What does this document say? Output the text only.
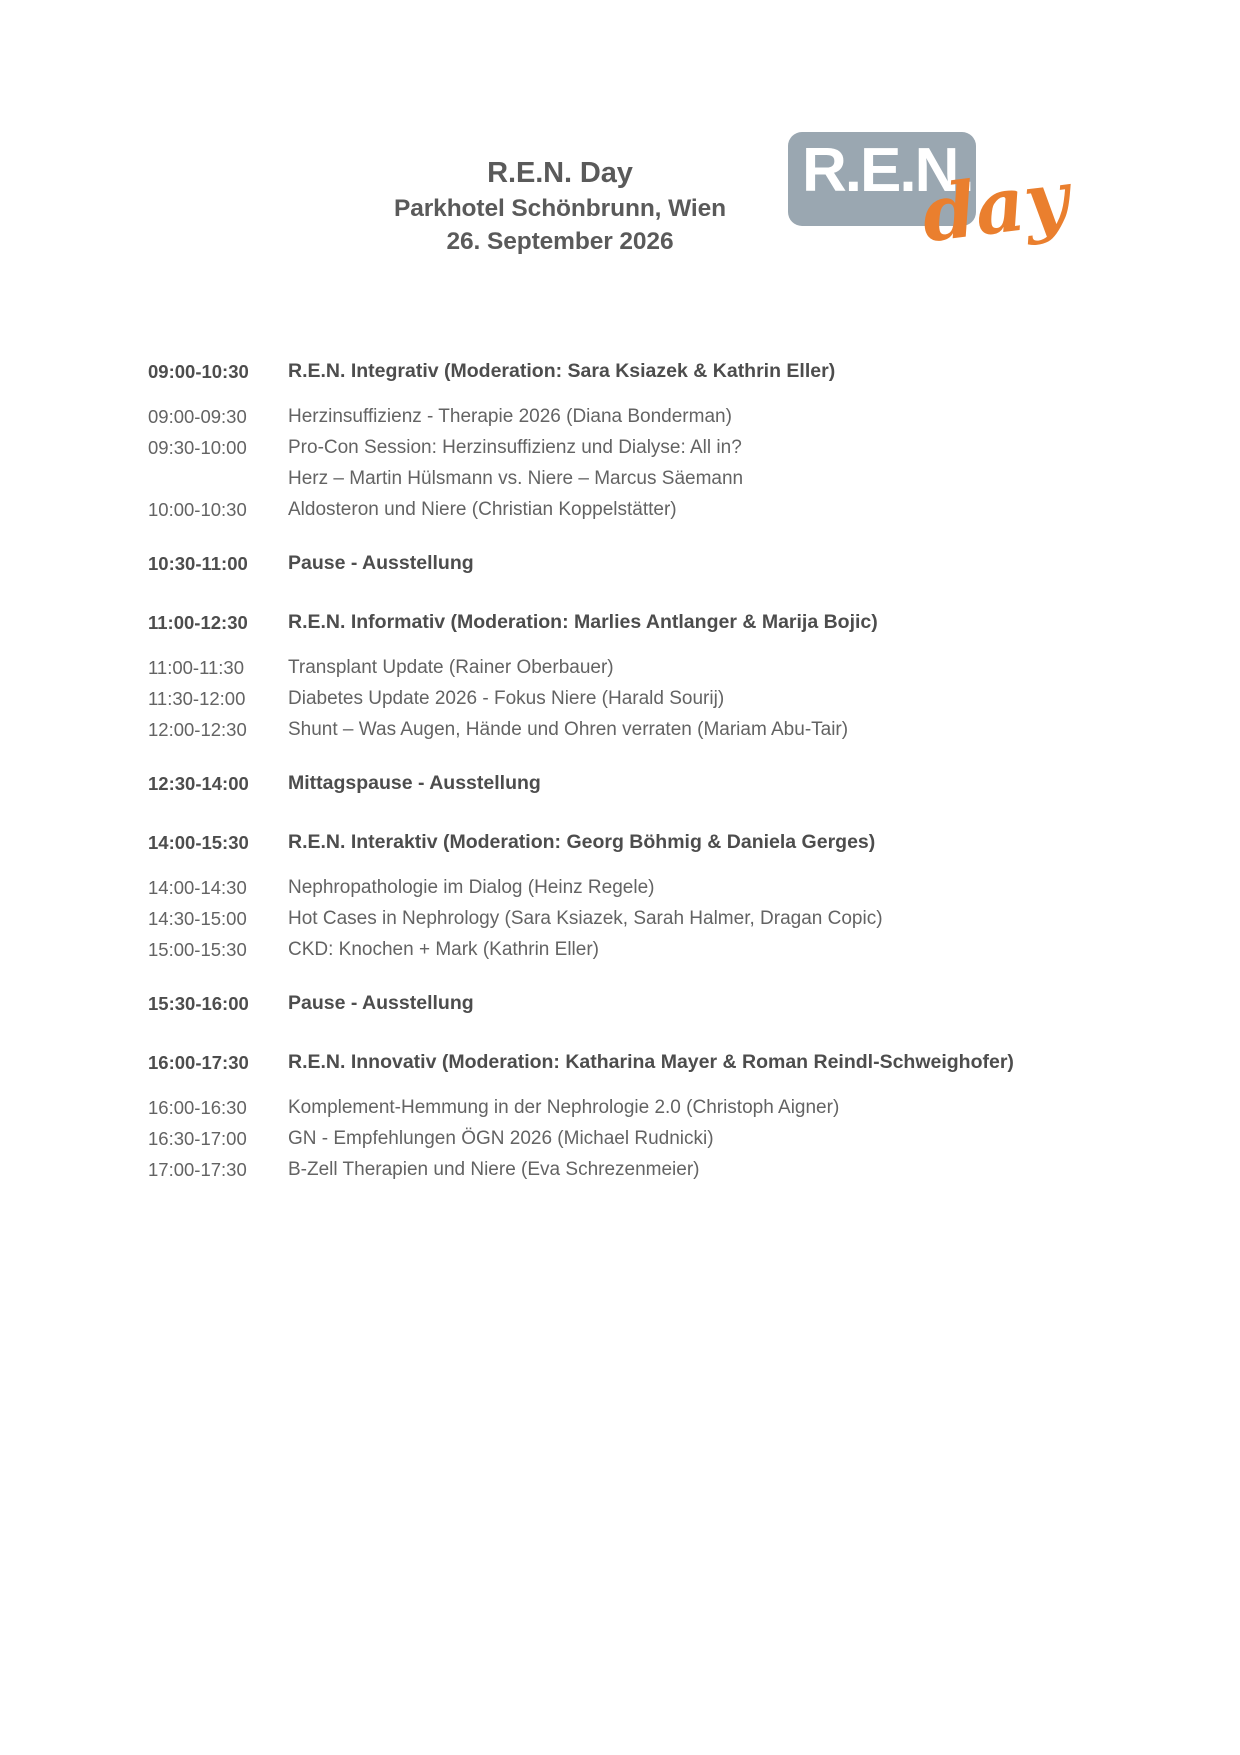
R.E.N. Day
Parkhotel Schönbrunn, Wien
26. September 2026
R.E.N.
day
09:00-10:30	R.E.N. Integrativ (Moderation: Sara Ksiazek & Kathrin Eller)
09:00-09:30	Herzinsuffizienz - Therapie 2026 (Diana Bonderman)
09:30-10:00	Pro-Con Session: Herzinsuffizienz und Dialyse: All in?
Herz – Martin Hülsmann vs. Niere – Marcus Säemann
10:00-10:30	Aldosteron und Niere (Christian Koppelstätter)
10:30-11:00	Pause - Ausstellung
11:00-12:30	R.E.N. Informativ (Moderation: Marlies Antlanger & Marija Bojic)
11:00-11:30	Transplant Update (Rainer Oberbauer)
11:30-12:00	Diabetes Update 2026 - Fokus Niere (Harald Sourij)
12:00-12:30	Shunt – Was Augen, Hände und Ohren verraten (Mariam Abu-Tair)
12:30-14:00	Mittagspause - Ausstellung
14:00-15:30	R.E.N. Interaktiv (Moderation: Georg Böhmig & Daniela Gerges)
14:00-14:30	Nephropathologie im Dialog (Heinz Regele)
14:30-15:00	Hot Cases in Nephrology (Sara Ksiazek, Sarah Halmer, Dragan Copic)
15:00-15:30	CKD: Knochen + Mark (Kathrin Eller)
15:30-16:00	Pause - Ausstellung
16:00-17:30	R.E.N. Innovativ (Moderation: Katharina Mayer & Roman Reindl-Schweighofer)
16:00-16:30	Komplement-Hemmung in der Nephrologie 2.0 (Christoph Aigner)
16:30-17:00	GN - Empfehlungen ÖGN 2026 (Michael Rudnicki)
17:00-17:30	B-Zell Therapien und Niere (Eva Schrezenmeier)
